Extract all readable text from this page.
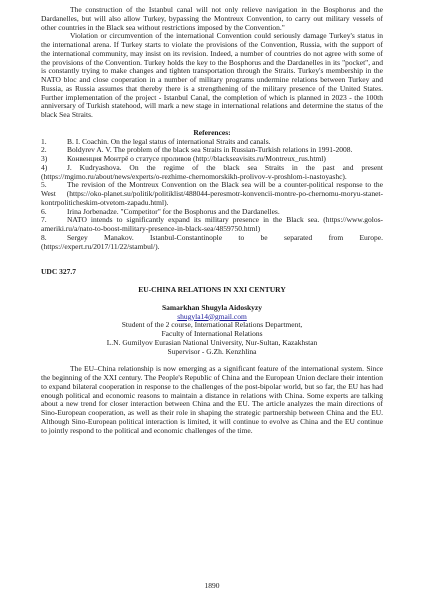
The construction of the Istanbul canal will not only relieve navigation in the Bosphorus and the Dardanelles, but will also allow Turkey, bypassing the Montreux Convention, to carry out military vessels of other countries in the Black sea without restrictions imposed by the Convention."

Violation or circumvention of the international Convention could seriously damage Turkey's status in the international arena. If Turkey starts to violate the provisions of the Convention, Russia, with the support of the international community, may insist on its revision. Indeed, a number of countries do not agree with some of the provisions of the Convention. Turkey holds the key to the Bosphorus and the Dardanelles in its "pocket", and is constantly trying to make changes and tighten transportation through the Straits. Turkey's membership in the NATO bloc and close cooperation in a number of military programs undermine relations between Turkey and Russia, as Russia assumes that thereby there is a strengthening of the military presence of the United States. Further implementation of the project - Istanbul Canal, the completion of which is planned in 2023 - the 100th anniversary of Turkish statehood, will mark a new stage in international relations and determine the status of the black Sea Straits.

References:

1.	B. I. Coachin. On the legal status of international Straits and canals.

2.	Boldyrev A. V. The problem of the black sea Straits in Russian-Turkish relations in 1991-2008.

3)	Конвенция Монтрё о статусе проливов (http://blackseavisits.ru/Montreux_rus.html)

4)	J. Kudryashova. On the regime of the black sea Straits in the past and present (https://mgimo.ru/about/news/experts/o-rezhime-chernomorskikh-prolivov-v-proshlom-i-nastoyashc).

5.	The revision of the Montreux Convention on the Black sea will be a counter-political response to the West (https://oko-planet.su/politik/politiklist/488044-peresmotr-konvencii-montre-po-chernomu-moryu-stanet-kontrpoliticheskim-otvetom-zapadu.html).

6.	Irina Jorbenadze. "Competitor" for the Bosphorus and the Dardanelles.

7.	NATO intends to significantly expand its military presence in the Black sea. (https://www.golos-ameriki.ru/a/nato-to-boost-military-presence-in-black-sea/4859750.html)

8.	Sergey Manakov. Istanbul-Constantinople to be separated from Europe. (https://expert.ru/2017/11/22/stambul/).

UDC 327.7

EU-CHINA RELATIONS IN XXI CENTURY

Samarkhan Shugyla Aidoskyzy

shugyla14@gmail.com

Student of the 2 course, International Relations Department,

Faculty of International Relations

L.N. Gumilyov Eurasian National University, Nur-Sultan, Kazakhstan

Supervisor - G.Zh. Kenzhlina

The EU–China relationship is now emerging as a significant feature of the international system. Since the beginning of the XXI century. The People's Republic of China and the European Union declare their intention to expand bilateral cooperation in response to the challenges of the post-bipolar world, but so far, the EU has had enough political and economic reasons to maintain a distance in relations with China. Some experts are talking about a new trend for closer interaction between China and the EU. The article analyzes the main directions of Sino-European cooperation, as well as their role in shaping the strategic partnership between China and the EU. Although Sino-European political interaction is limited, it will continue to evolve as China and the EU continue to jointly respond to the political and economic challenges of the time.

1890
